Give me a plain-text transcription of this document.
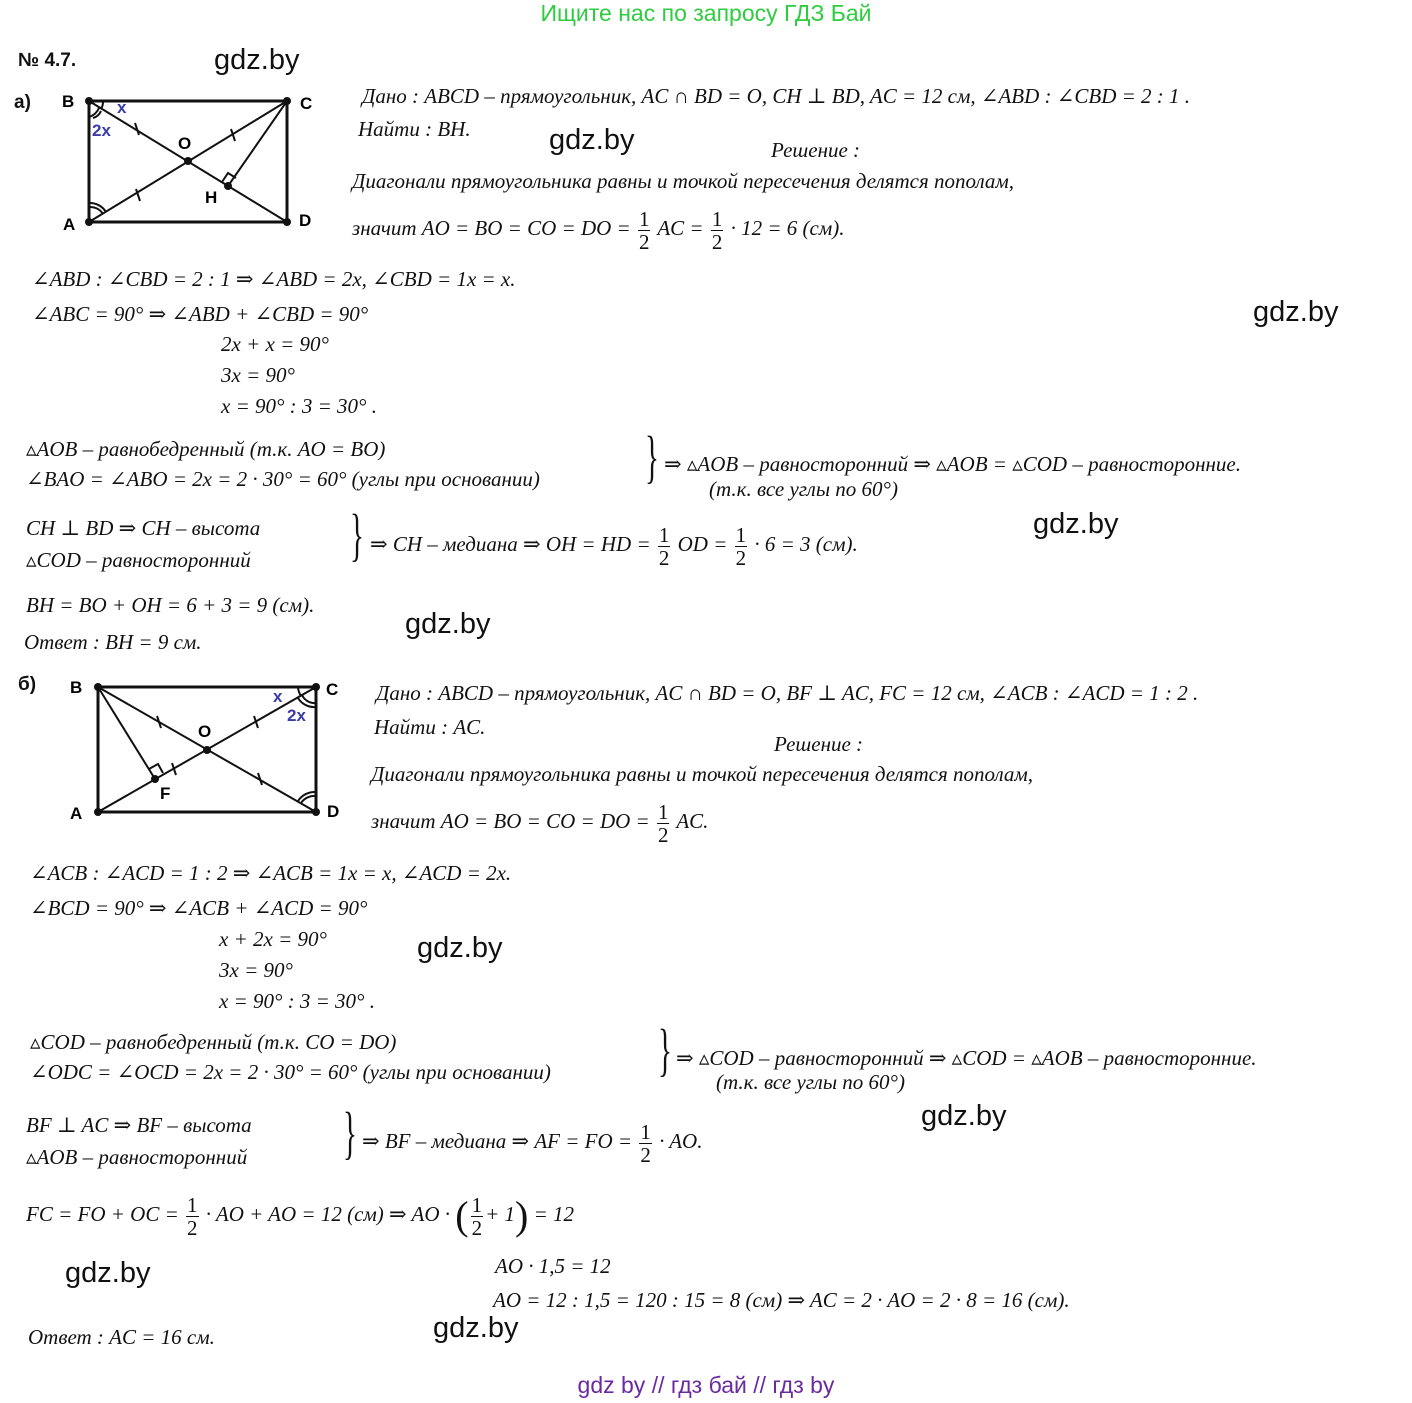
Ищите нас по запросу ГДЗ Бай
№ 4.7.	gdz.by
gdz.by
gdz.by
gdz.by
gdz.by
gdz.by
gdz.by
gdz.by
gdz.by
а) B	C
A	D
O
H
x
2x
Дано : ABCD – прямоугольник, AC ∩ BD = O, CH ⊥ BD, AC = 12 см, ∠ABD : ∠CBD = 2 : 1 .
Найти : BH.
Решение :
Диагонали прямоугольника равны и точкой пересечения делятся пополам,
значит AO = BO = CO = DO = $\frac{1}{2}$ AC = $\frac{1}{2} \cdot 12 = 6$ (см).
∠ABD : ∠CBD = 2 : 1 ⇒ ∠ABD = 2x, ∠CBD = 1x = x.
∠ABC = 90° ⇒ ∠ABD + ∠CBD = 90°
2x + x = 90°
3x = 90°
x = 90° : 3 = 30° .
▵AOB – равнобедренный (т.к. AO = BO)
∠BAO = ∠ABO = 2x = 2 · 30° = 60° (углы при основании) } ⇒ ▵AOB – равносторонний ⇒ ▵AOB = ▵COD – равносторонние.
(т.к. все углы по 60°)
CH ⊥ BD ⇒ CH – высота
▵COD – равносторонний } ⇒ CH – медиана ⇒ OH = HD = $\frac{1}{2}$ OD = $\frac{1}{2} \cdot 6 = 3$ (см).
BH = BO + OH = 6 + 3 = 9 (см).
Ответ : BH = 9 см.
б) B	C
A	D
O
F
x
2x
Дано : ABCD – прямоугольник, AC ∩ BD = O, BF ⊥ AC, FC = 12 см, ∠ACB : ∠ACD = 1 : 2 .
Найти : AC.
Решение :
Диагонали прямоугольника равны и точкой пересечения делятся пополам,
значит AO = BO = CO = DO = $\frac{1}{2}$ AC.
∠ACB : ∠ACD = 1 : 2 ⇒ ∠ACB = 1x = x, ∠ACD = 2x.
∠BCD = 90° ⇒ ∠ACB + ∠ACD = 90°
x + 2x = 90°
3x = 90°
x = 90° : 3 = 30° .
▵COD – равнобедренный (т.к. CO = DO)
∠ODC = ∠OCD = 2x = 2 · 30° = 60° (углы при основании) } ⇒ ▵COD – равносторонний ⇒ ▵COD = ▵AOB – равносторонние.
(т.к. все углы по 60°)
BF ⊥ AC ⇒ BF – высота
▵AOB – равносторонний } ⇒ BF – медиана ⇒ AF = FO = $\frac{1}{2}$ · AO.
FC = FO + OC = $\frac{1}{2}$ · AO + AO = 12 (см) ⇒ AO · ( $\frac{1}{2} + 1) = 12$
AO · 1,5 = 12
AO = 12 : 1,5 = 120 : 15 = 8 (см) ⇒ AC = 2 · AO = 2 · 8 = 16 (см).
Ответ : AC = 16 см.
gdz by // гдз бай // гдз by
